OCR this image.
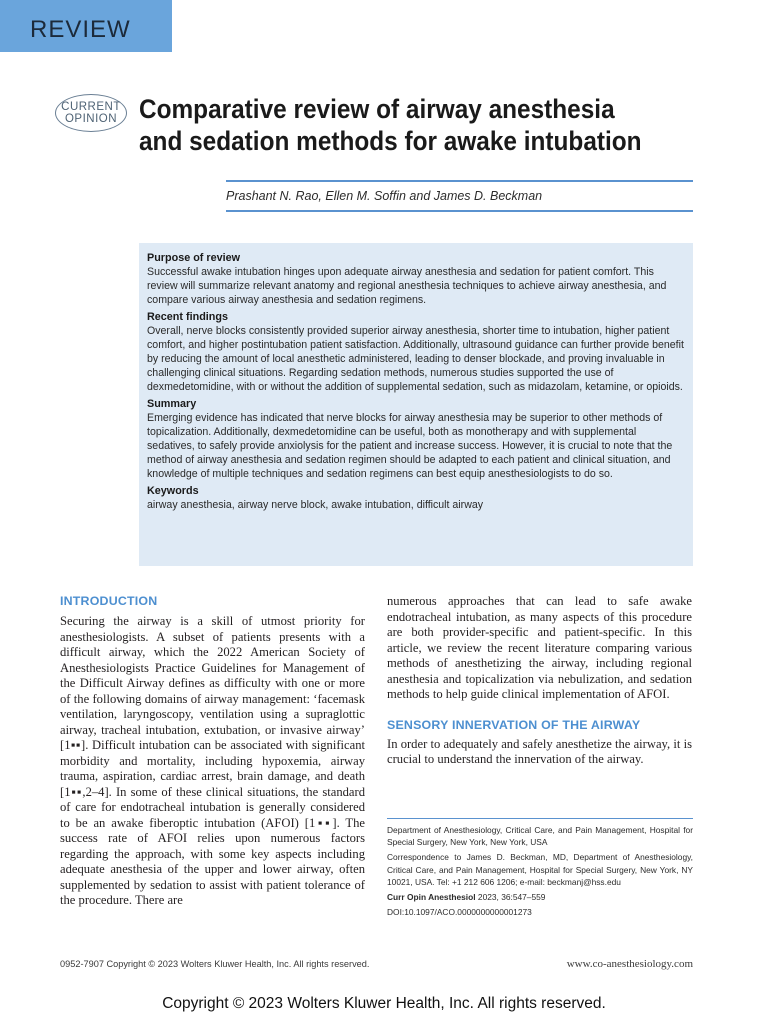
REVIEW
CURRENT
OPINION Comparative review of airway anesthesia and sedation methods for awake intubation
Prashant N. Rao, Ellen M. Soffin and James D. Beckman
Purpose of review

Successful awake intubation hinges upon adequate airway anesthesia and sedation for patient comfort. This review will summarize relevant anatomy and regional anesthesia techniques to achieve airway anesthesia, and compare various airway anesthesia and sedation regimens.

Recent findings

Overall, nerve blocks consistently provided superior airway anesthesia, shorter time to intubation, higher patient comfort, and higher postintubation patient satisfaction. Additionally, ultrasound guidance can further provide benefit by reducing the amount of local anesthetic administered, leading to denser blockade, and proving invaluable in challenging clinical situations. Regarding sedation methods, numerous studies supported the use of dexmedetomidine, with or without the addition of supplemental sedation, such as midazolam, ketamine, or opioids.

Summary

Emerging evidence has indicated that nerve blocks for airway anesthesia may be superior to other methods of topicalization. Additionally, dexmedetomidine can be useful, both as monotherapy and with supplemental sedatives, to safely provide anxiolysis for the patient and increase success. However, it is crucial to note that the method of airway anesthesia and sedation regimen should be adapted to each patient and clinical situation, and knowledge of multiple techniques and sedation regimens can best equip anesthesiologists to do so.

Keywords

airway anesthesia, airway nerve block, awake intubation, difficult airway

INTRODUCTION

Securing the airway is a skill of utmost priority for anesthesiologists. A subset of patients presents with a difficult airway, which the 2022 American Society of Anesthesiologists Practice Guidelines for Management of the Difficult Airway defines as difficulty with one or more of the following domains of airway management: ‘facemask ventilation, laryngoscopy, ventilation using a supraglottic airway, tracheal intubation, extubation, or invasive airway’ [1▪▪]. Difficult intubation can be associated with significant morbidity and mortality, including hypoxemia, airway trauma, aspiration, cardiac arrest, brain damage, and death [1▪▪,2–4]. In some of these clinical situations, the standard of care for endotracheal intubation is generally considered to be an awake fiberoptic intubation (AFOI) [1▪▪]. The success rate of AFOI relies upon numerous factors regarding the approach, with some key aspects including adequate anesthesia of the upper and lower airway, often supplemented by sedation to assist with patient tolerance of the procedure. There are

numerous approaches that can lead to safe awake endotracheal intubation, as many aspects of this procedure are both provider-specific and patient-specific. In this article, we review the recent literature comparing various methods of anesthetizing the airway, including regional anesthesia and topicalization via nebulization, and sedation methods to help guide clinical implementation of AFOI.

SENSORY INNERVATION OF THE AIRWAY

In order to adequately and safely anesthetize the airway, it is crucial to understand the innervation of the airway.

Department of Anesthesiology, Critical Care, and Pain Management, Hospital for Special Surgery, New York, New York, USA

Correspondence to James D. Beckman, MD, Department of Anesthesiology, Critical Care, and Pain Management, Hospital for Special Surgery, New York, NY 10021, USA. Tel: +1 212 606 1206; e-mail: beckmanj@hss.edu

Curr Opin Anesthesiol 2023, 36:547–559

DOI:10.1097/ACO.0000000000001273

0952-7907 Copyright © 2023 Wolters Kluwer Health, Inc. All rights reserved.	www.co-anesthesiology.com
Copyright © 2023 Wolters Kluwer Health, Inc. All rights reserved.
